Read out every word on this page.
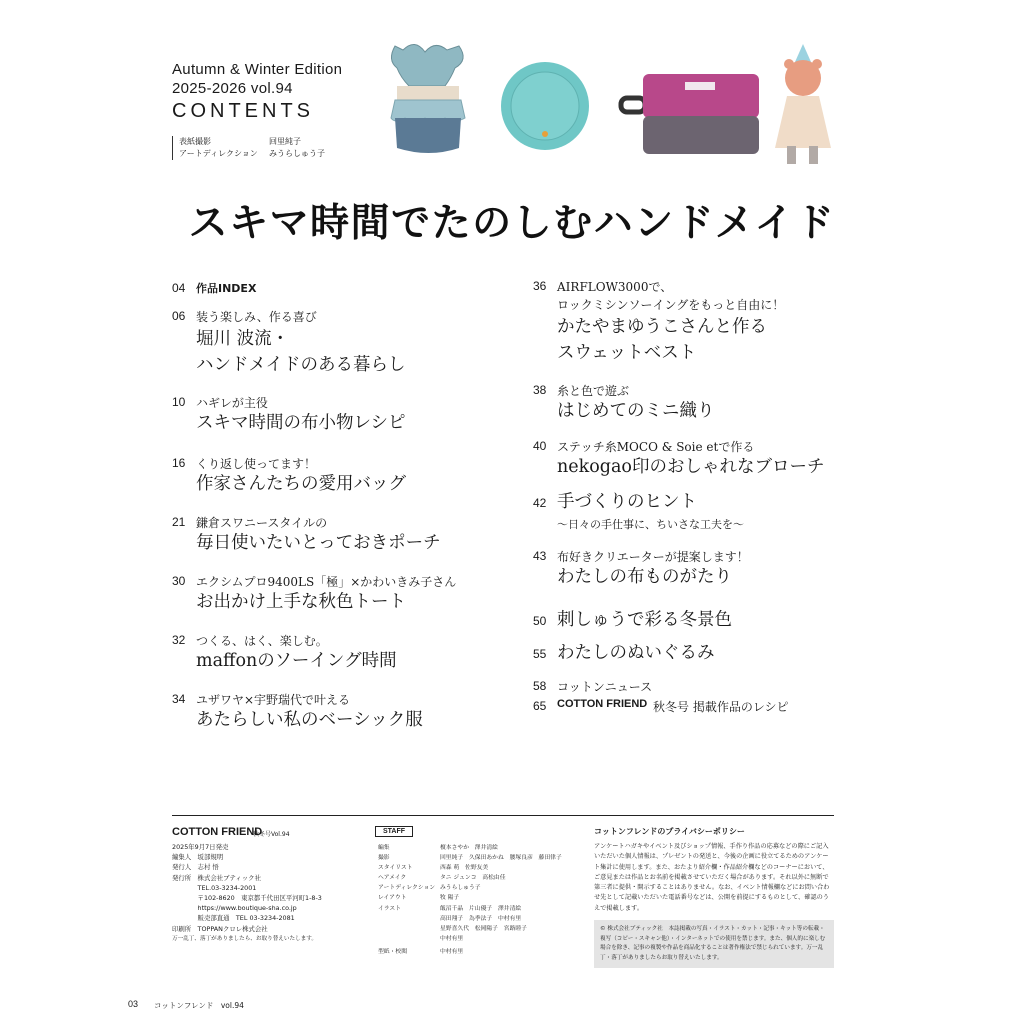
Autumn & Winter Edition
2025-2026 vol.94
CONTENTS
表紙撮影	回里純子
アートディレクション みうらしゅう子
スキマ時間でたのしむハンドメイド
04 作品INDEX
06 装う楽しみ、作る喜び
堀川 波流・
ハンドメイドのある暮らし
10 ハギレが主役
スキマ時間の布小物レシピ
16 くり返し使ってます！
作家さんたちの愛用バッグ
21 鎌倉スワニースタイルの
毎日使いたいとっておきポーチ
30 エクシムプロ9400LS「極」×かわいきみ子さん
お出かけ上手な秋色トート
32 つくる、はく、楽しむ。
maffonのソーイング時間
34 ユザワヤ×宇野瑞代で叶える
あたらしい私のベーシック服
36 AIRFLOW3000で、
ロックミシンソーイングをもっと自由に！
かたやまゆうこさんと作る
スウェットベスト
38 糸と色で遊ぶ
はじめてのミニ織り
40 ステッチ糸MOCO & Soie etで作る
nekogao印のおしゃれなブローチ
42 手づくりのヒント
〜日々の手仕事に、ちいさな工夫を〜
43 布好きクリエーターが提案します！
わたしの布ものがたり
50 刺しゅうで彩る冬景色
55 わたしのぬいぐるみ
58 コットンニュース
65 COTTON FRIEND 秋冬号 掲載作品のレシピ
COTTON FRIEND
秋冬号Vol.94
2025年9月7日発売
編集人　坂部規明
発行人　志村 悟
発行所　株式会社ブティック社
　　　　TEL.03-3234-2001
　　　　〒102-8620　東京都千代田区平河町1-8-3
　　　　https://www.boutique-sha.co.jp
　　　　販売部直通　TEL 03-3234-2081
印刷所　TOPPANクロレ株式会社
万一乱丁、落丁がありましたら、お取り替えいたします。
STAFF
編集	榎本さやか　澤井清絵
撮影	回里純子　久保田あかね　腰塚良彦　藤田律子
スタイリスト	西森 萌　佐野友美
ヘアメイク	タニ ジュンコ　高松由佳
アートディレクション みうらしゅう子
レイアウト	牧 陽子
イラスト	飯沼千晶　片山優子　澤井清絵
高田翔子　為季法子　中村有里
星野喜久代　松岡陽子　宮路睦子
中村有里
型紙・校閲	中村有里
コットンフレンドのプライバシーポリシー
アンケートハガキやイベント及びショップ情報、手作り作品の応募などの際にご記入いただいた個人情報は、プレゼントの発送と、今後の企画に役立てるためのアンケート集計に使用します。また、おたより紹介欄・作品紹介欄などのコーナーにおいて、ご意見または作品とお名前を掲載させていただく場合があります。それ以外に無断で第三者に提供・開示することはありません。なお、イベント情報欄などにお問い合わせ先として記載いただいた電話番号などは、公開を前提にするものとして、確認のうえで掲載します。
© 株式会社ブティック社　本誌掲載の写真・イラスト・カット・記事・キット等の転載・複写（コピー・スキャン他）・インターネットでの使用を禁じます。また、個人的に楽しむ場合を除き、記事の複製や作品を商品化することは著作権法で禁じられています。万一乱丁・落丁がありましたらお取り替えいたします。
03 コットンフレンド　vol.94
